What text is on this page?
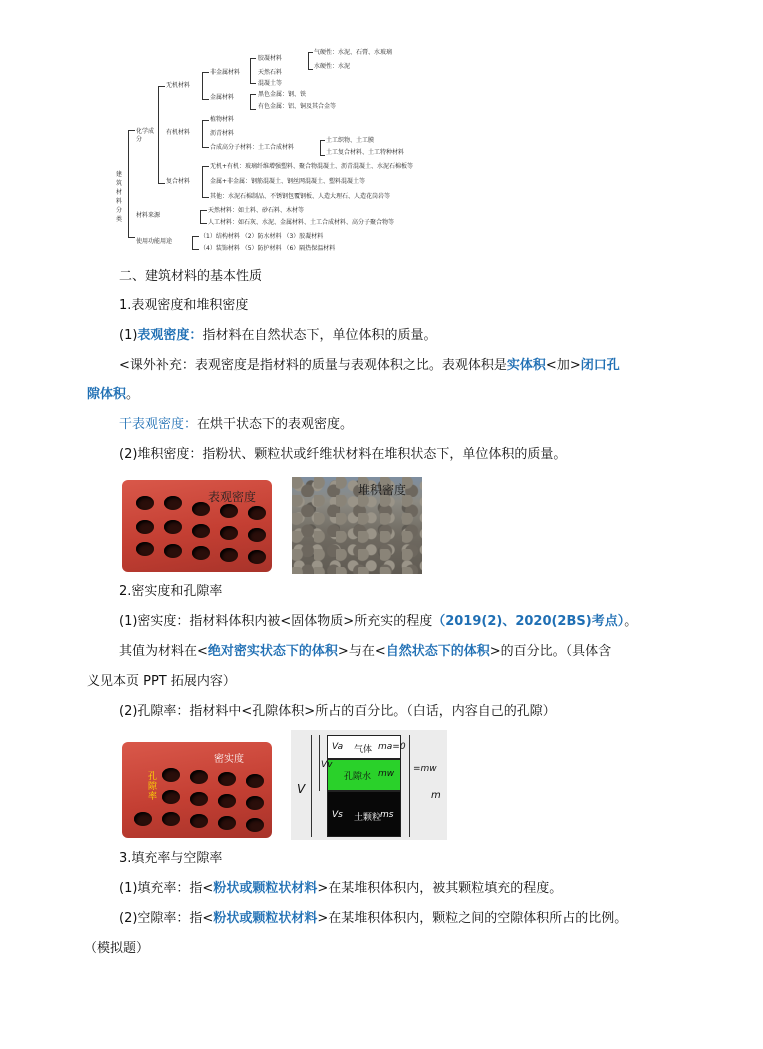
建筑材料分类
化学成分
材料来源
使用功能用途
无机材料
有机材料
复合材料
非金属材料
金属材料
胶凝材料
天然石料
混凝土等
气硬性：水泥、石膏、水玻璃
水硬性：水泥
黑色金属：钢、铁
有色金属：铝、铜及其合金等
植物材料
沥青材料
合成高分子材料：土工合成材料
土工织物、土工膜
土工复合材料、土工特种材料
无机+有机：玻璃纤维增强塑料、聚合物混凝土、沥青混凝土、水泥石棉板等
金属+非金属：钢筋混凝土、钢丝网混凝土、塑料混凝土等
其他：水泥石棉制品、不锈钢包覆钢板、人造大理石、人造花岗岩等
天然材料：如土料、砂石料、木材等
人工材料：如石灰、水泥、金属材料、土工合成材料、高分子聚合物等
（1）结构材料 （2）防水材料 （3）胶凝材料
（4）装饰材料 （5）防护材料 （6）隔热保温材料
二、建筑材料的基本性质
1.表观密度和堆积密度
(1)表观密度：指材料在自然状态下，单位体积的质量。
<课外补充：表观密度是指材料的质量与表观体积之比。表观体积是实体积<加>闭口孔
隙体积。
干表观密度：在烘干状态下的表观密度。
(2)堆积密度：指粉状、颗粒状或纤维状材料在堆积状态下，单位体积的质量。
表观密度	堆积密度
2.密实度和孔隙率
(1)密实度：指材料体积内被<固体物质>所充实的程度（2019(2)、2020(2BS)考点）。
其值为材料在<绝对密实状态下的体积>与在<自然状态下的体积>的百分比。（具体含
义见本页 PPT 拓展内容）
(2)孔隙率：指材料中<孔隙体积>所占的百分比。（白话，内容自己的孔隙）
密实度
孔隙率
Va 气体 ma=0
孔隙水 mw
Vs 土颗粒
ms
Vv
V
=mw
m
3.填充率与空隙率
(1)填充率：指<粉状或颗粒状材料>在某堆积体积内，被其颗粒填充的程度。
(2)空隙率：指<粉状或颗粒状材料>在某堆积体积内，颗粒之间的空隙体积所占的比例。
（模拟题）
